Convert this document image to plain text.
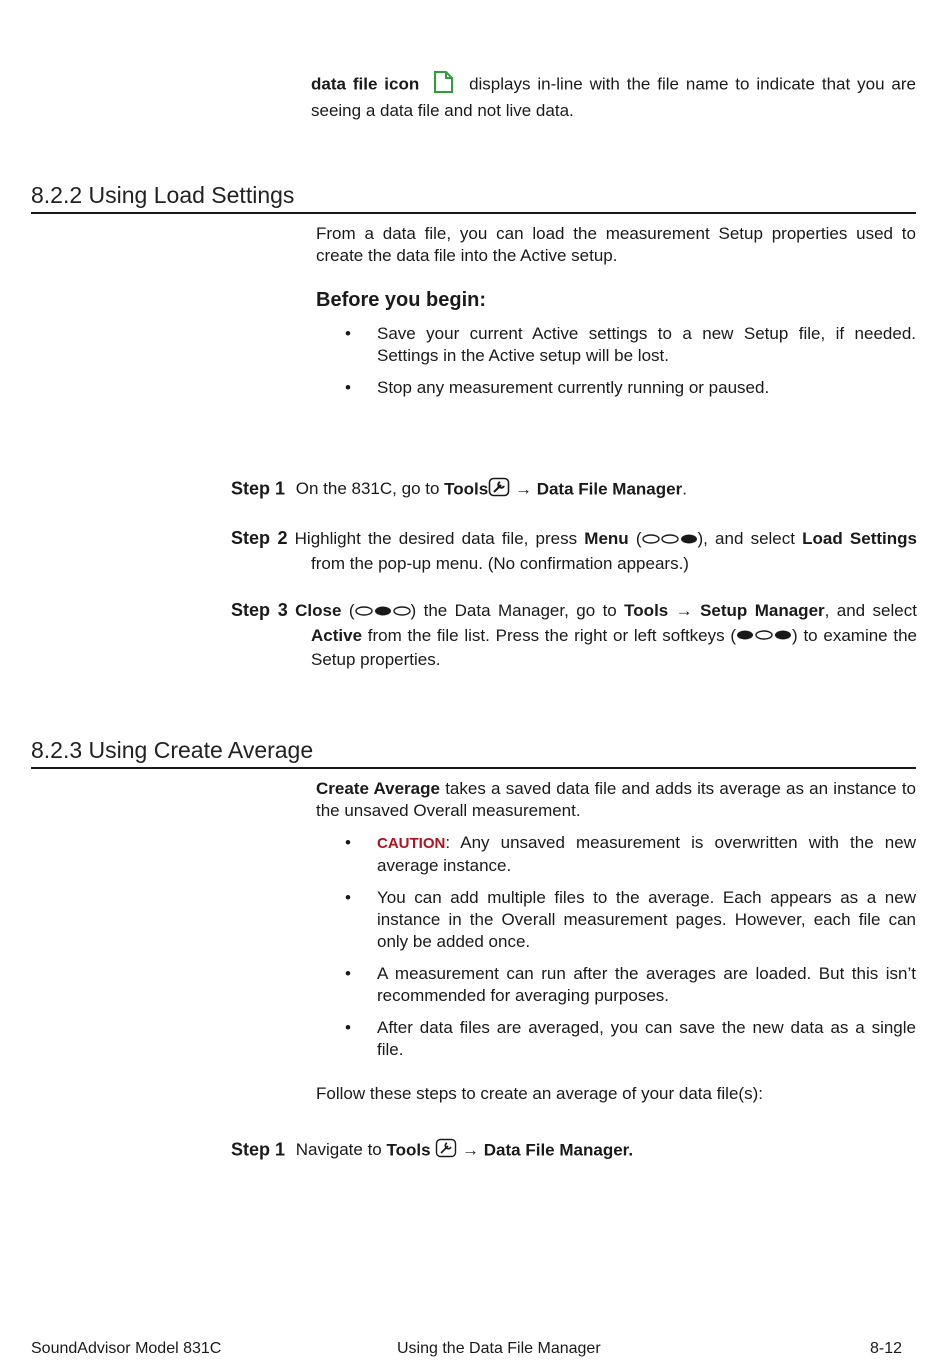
data file icon	displays in-line with the file name to indicate that you are seeing a data file and not live data.
8.2.2 Using Load Settings
From a data file, you can load the measurement Setup properties used to create the data file into the Active setup.
Before you begin:
• Save your current Active settings to a new Setup file, if needed. Settings in the Active setup will be lost.
• Stop any measurement currently running or paused.
Step 1 On the 831C, go to Tools → Data File Manager.
Step 2 Highlight the desired data file, press Menu (	), and select Load Settings
from the pop-up menu. (No confirmation appears.)
Step 3 Close (	) the Data Manager, go to Tools → Setup Manager, and select
Active from the file list. Press the right or left softkeys (	) to examine the Setup properties.
8.2.3 Using Create Average
Create Average takes a saved data file and adds its average as an instance to the unsaved Overall measurement.
• CAUTION: Any unsaved measurement is overwritten with the new average instance.
• You can add multiple files to the average. Each appears as a new instance in the Overall measurement pages. However, each file can only be added once.
• A measurement can run after the averages are loaded. But this isn’t recommended for averaging purposes.
• After data files are averaged, you can save the new data as a single file.
Follow these steps to create an average of your data file(s):
Step 1 Navigate to Tools → Data File Manager.
SoundAdvisor Model 831C	Using the Data File Manager	8-12
